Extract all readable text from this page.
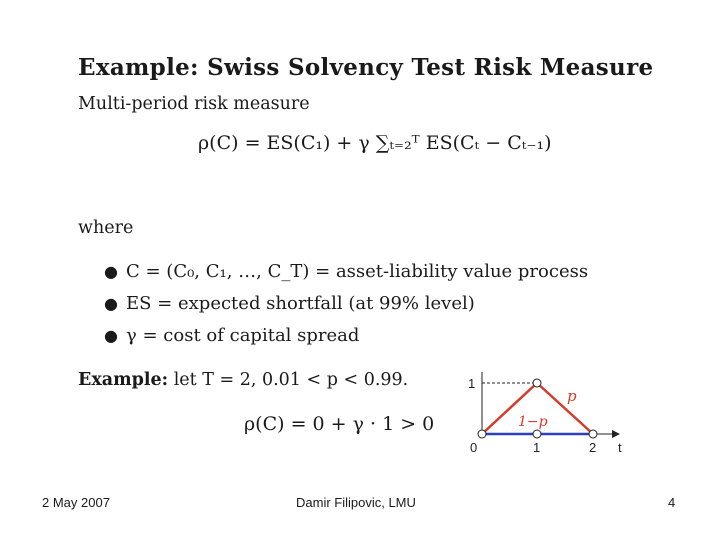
Example: Swiss Solvency Test Risk Measure
Multi-period risk measure
ρ(C) = ES(C₁) + γ ∑ₜ₌₂ᵀ ES(Cₜ − Cₜ₋₁)
where
● C = (C₀, C₁, …, C_T) = asset-liability value process
● ES = expected shortfall (at 99% level)
● γ = cost of capital spread
Example: let T = 2, 0.01 < p < 0.99.
ρ(C) = 0 + γ · 1 > 0
1
0	1	2 t
p
1−p
2 May 2007	Damir Filipovic, LMU	4
